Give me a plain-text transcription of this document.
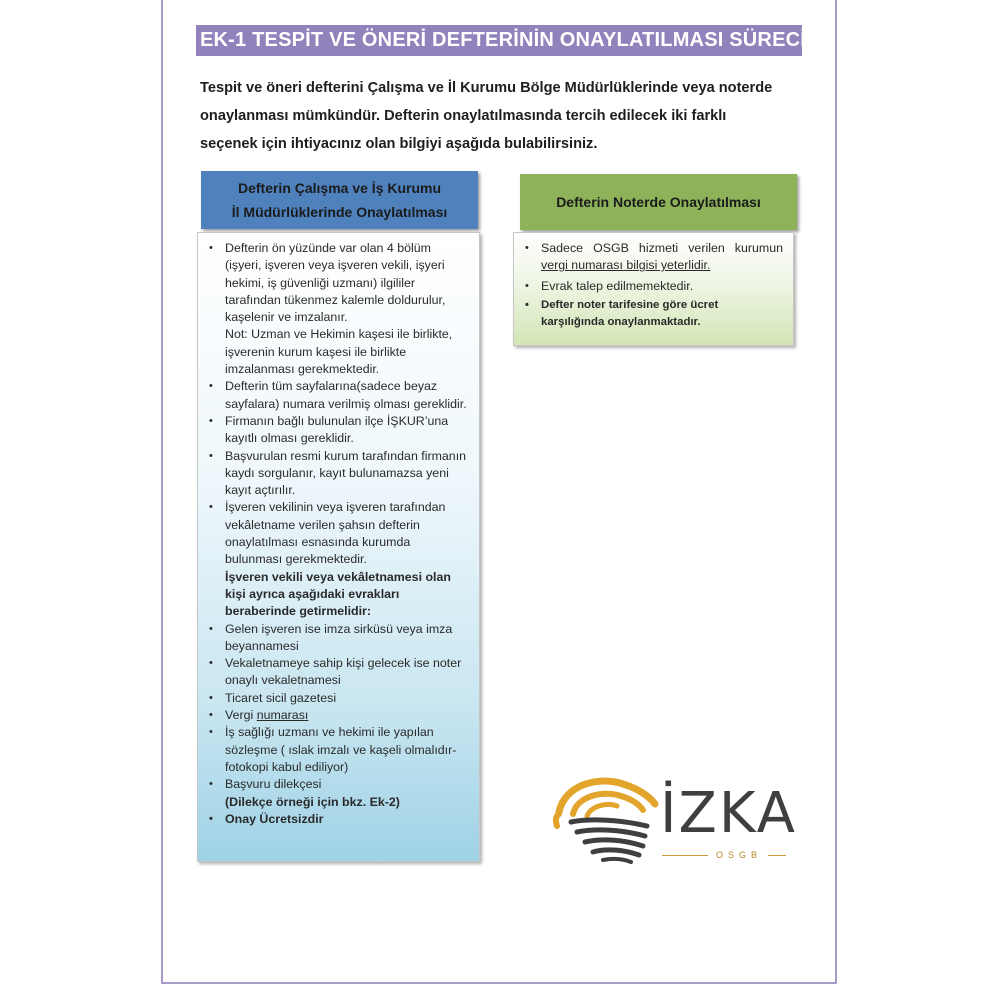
EK-1 TESPİT VE ÖNERİ DEFTERİNİN ONAYLATILMASI SÜRECİ
Tespit ve öneri defterini Çalışma ve İl Kurumu Bölge Müdürlüklerinde veya noterde
onaylanması mümkündür. Defterin onaylatılmasında tercih edilecek iki farklı
seçenek için ihtiyacınız olan bilgiyi aşağıda bulabilirsiniz.
Defterin Çalışma ve İş Kurumu
İl Müdürlüklerinde Onaylatılması
Defterin Noterde Onaylatılması
• Defterin ön yüzünde var olan 4 bölüm (işyeri, işveren veya işveren vekili, işyeri hekimi, iş güvenliği uzmanı) ilgililer tarafından tükenmez kalemle doldurulur, kaşelenir ve imzalanır.
Not: Uzman ve Hekimin kaşesi ile birlikte, işverenin kurum kaşesi ile birlikte imzalanması gerekmektedir.
• Defterin tüm sayfalarına(sadece beyaz sayfalara) numara verilmiş olması gereklidir.
• Firmanın bağlı bulunulan ilçe İŞKUR’una kayıtlı olması gereklidir.
• Başvurulan resmi kurum tarafından firmanın kaydı sorgulanır, kayıt bulunamazsa yeni kayıt açtırılır.
• İşveren vekilinin veya işveren tarafından vekâletname verilen şahsın defterin onaylatılması esnasında kurumda bulunması gerekmektedir.
İşveren vekili veya vekâletnamesi olan kişi ayrıca aşağıdaki evrakları beraberinde getirmelidir:
• Gelen işveren ise imza sirküsü veya imza beyannamesi
• Vekaletnameye sahip kişi gelecek ise noter onaylı vekaletnamesi
• Ticaret sicil gazetesi
• Vergi numarası
• İş sağlığı uzmanı ve hekimi ile yapılan sözleşme ( ıslak imzalı ve kaşeli olmalıdır-fotokopi kabul ediliyor)
• Başvuru dilekçesi
(Dilekçe örneği için bkz. Ek-2)
• Onay Ücretsizdir
• Sadece OSGB hizmeti verilen kurumun vergi numarası bilgisi yeterlidir.
• Evrak talep edilmemektedir.
• Defter noter tarifesine göre ücret karşılığında onaylanmaktadır.
İZKA
OSGB
